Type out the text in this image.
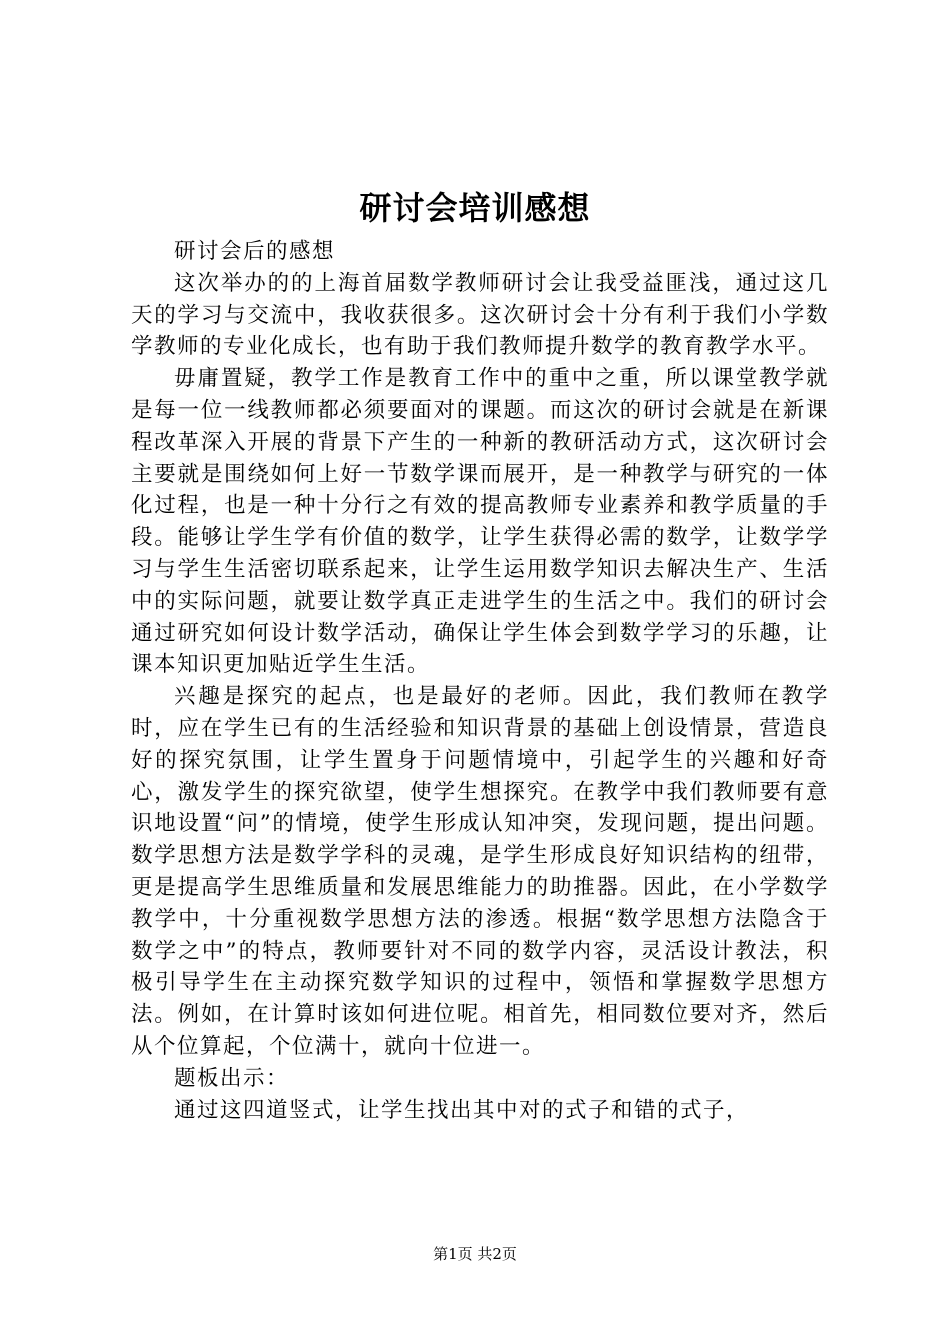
研讨会培训感想

研讨会后的感想

这次举办的的上海首届数学教师研讨会让我受益匪浅，通过这几天的学习与交流中，我收获很多。这次研讨会十分有利于我们小学数学教师的专业化成长，也有助于我们教师提升数学的教育教学水平。

毋庸置疑，教学工作是教育工作中的重中之重，所以课堂教学就是每一位一线教师都必须要面对的课题。而这次的研讨会就是在新课程改革深入开展的背景下产生的一种新的教研活动方式，这次研讨会主要就是围绕如何上好一节数学课而展开，是一种教学与研究的一体化过程，也是一种十分行之有效的提高教师专业素养和教学质量的手段。能够让学生学有价值的数学，让学生获得必需的数学，让数学学习与学生生活密切联系起来，让学生运用数学知识去解决生产、生活中的实际问题，就要让数学真正走进学生的生活之中。我们的研讨会通过研究如何设计数学活动，确保让学生体会到数学学习的乐趣，让课本知识更加贴近学生生活。

兴趣是探究的起点，也是最好的老师。因此，我们教师在教学时，应在学生已有的生活经验和知识背景的基础上创设情景，营造良好的探究氛围，让学生置身于问题情境中，引起学生的兴趣和好奇心，激发学生的探究欲望，使学生想探究。在教学中我们教师要有意识地设置“问”的情境，使学生形成认知冲突，发现问题，提出问题。数学思想方法是数学学科的灵魂，是学生形成良好知识结构的纽带，更是提高学生思维质量和发展思维能力的助推器。因此，在小学数学教学中，十分重视数学思想方法的渗透。根据“数学思想方法隐含于数学之中”的特点，教师要针对不同的数学内容，灵活设计教法，积极引导学生在主动探究数学知识的过程中，领悟和掌握数学思想方法。例如，在计算时该如何进位呢。相首先，相同数位要对齐，然后从个位算起，个位满十，就向十位进一。

题板出示：

通过这四道竖式，让学生找出其中对的式子和错的式子，

第1页 共2页
